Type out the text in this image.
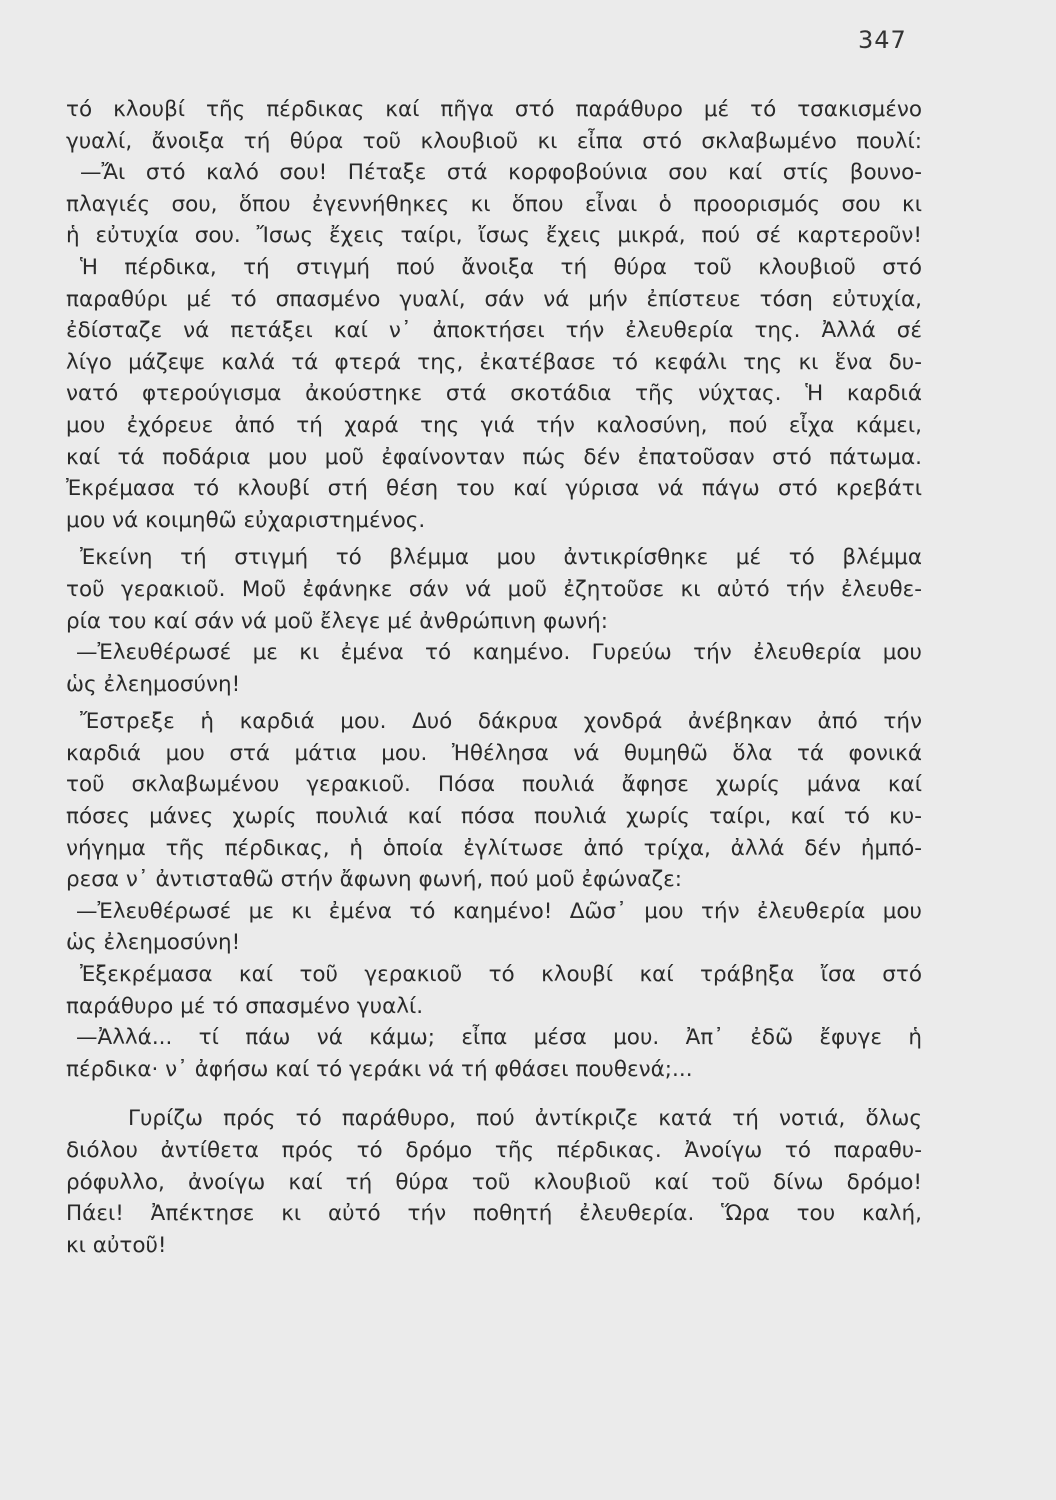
347
τό κλουβί τῆς πέρδικας καί πῆγα στό παράθυρο μέ τό τσακισμένο
γυαλί, ἄνοιξα τή θύρα τοῦ κλουβιοῦ κι εἶπα στό σκλαβωμένο πουλί:
—Ἄι στό καλό σου! Πέταξε στά κορφοβούνια σου καί στίς βουνο-
πλαγιές σου, ὅπου ἐγεννήθηκες κι ὅπου εἶναι ὁ προορισμός σου κι
ἡ εὐτυχία σου. Ἴσως ἔχεις ταίρι, ἴσως ἔχεις μικρά, πού σέ καρτεροῦν!
Ἡ πέρδικα, τή στιγμή πού ἄνοιξα τή θύρα τοῦ κλουβιοῦ στό
παραθύρι μέ τό σπασμένο γυαλί, σάν νά μήν ἐπίστευε τόση εὐτυχία,
ἐδίσταζε νά πετάξει καί ν᾽ ἀποκτήσει τήν ἐλευθερία της. Ἀλλά σέ
λίγο μάζεψε καλά τά φτερά της, ἐκατέβασε τό κεφάλι της κι ἕνα δυ-
νατό φτερούγισμα ἀκούστηκε στά σκοτάδια τῆς νύχτας. Ἡ καρδιά
μου ἐχόρευε ἀπό τή χαρά της γιά τήν καλοσύνη, πού εἶχα κάμει,
καί τά ποδάρια μου μοῦ ἐφαίνονταν πώς δέν ἐπατοῦσαν στό πάτωμα.
Ἐκρέμασα τό κλουβί στή θέση του καί γύρισα νά πάγω στό κρεβάτι
μου νά κοιμηθῶ εὐχαριστημένος.
Ἐκείνη τή στιγμή τό βλέμμα μου ἀντικρίσθηκε μέ τό βλέμμα
τοῦ γερακιοῦ. Μοῦ ἐφάνηκε σάν νά μοῦ ἐζητοῦσε κι αὐτό τήν ἐλευθε-
ρία του καί σάν νά μοῦ ἔλεγε μέ ἀνθρώπινη φωνή:
—Ἐλευθέρωσέ με κι ἐμένα τό καημένο. Γυρεύω τήν ἐλευθερία μου
ὡς ἐλεημοσύνη!
Ἔστρεξε ἡ καρδιά μου. Δυό δάκρυα χονδρά ἀνέβηκαν ἀπό τήν
καρδιά μου στά μάτια μου. Ἠθέλησα νά θυμηθῶ ὅλα τά φονικά
τοῦ σκλαβωμένου γερακιοῦ. Πόσα πουλιά ἄφησε χωρίς μάνα καί
πόσες μάνες χωρίς πουλιά καί πόσα πουλιά χωρίς ταίρι, καί τό κυ-
νήγημα τῆς πέρδικας, ἡ ὁποία ἐγλίτωσε ἀπό τρίχα, ἀλλά δέν ἠμπό-
ρεσα ν᾽ ἀντισταθῶ στήν ἄφωνη φωνή, πού μοῦ ἐφώναζε:
—Ἐλευθέρωσέ με κι ἐμένα τό καημένο! Δῶσ᾽ μου τήν ἐλευθερία μου
ὡς ἐλεημοσύνη!
Ἐξεκρέμασα καί τοῦ γερακιοῦ τό κλουβί καί τράβηξα ἴσα στό
παράθυρο μέ τό σπασμένο γυαλί.
—Ἀλλά... τί πάω νά κάμω; εἶπα μέσα μου. Ἀπ᾽ ἐδῶ ἔφυγε ἡ
πέρδικα· ν᾽ ἀφήσω καί τό γεράκι νά τή φθάσει πουθενά;...
Γυρίζω πρός τό παράθυρο, πού ἀντίκριζε κατά τή νοτιά, ὅλως
διόλου ἀντίθετα πρός τό δρόμο τῆς πέρδικας. Ἀνοίγω τό παραθυ-
ρόφυλλο, ἀνοίγω καί τή θύρα τοῦ κλουβιοῦ καί τοῦ δίνω δρόμο!
Πάει! Ἀπέκτησε κι αὐτό τήν ποθητή ἐλευθερία. Ὥρα του καλή,
κι αὐτοῦ!
